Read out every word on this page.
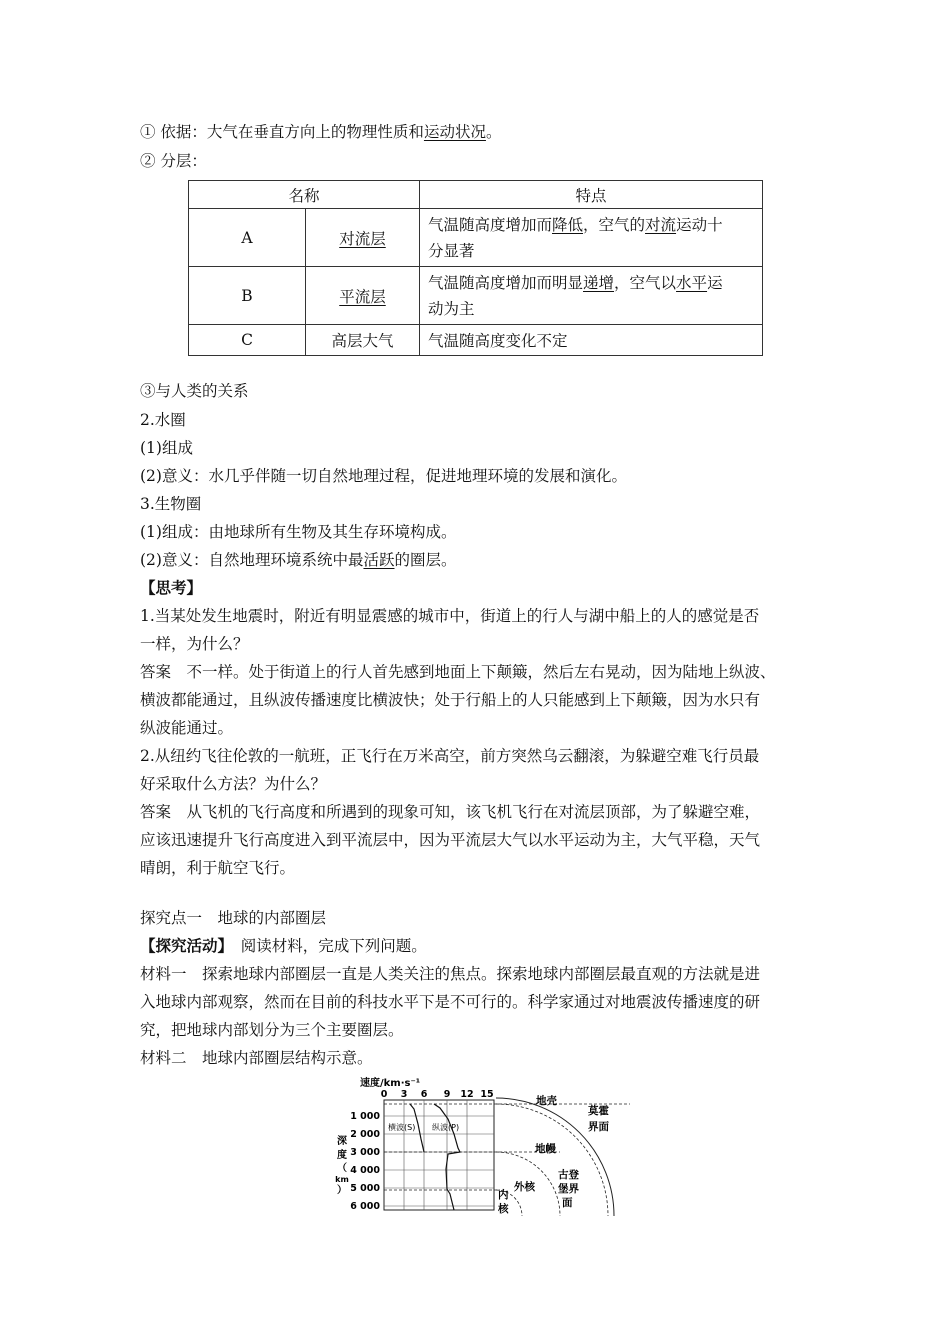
① 依据：大气在垂直方向上的物理性质和运动状况。
② 分层：
名称		特点
A	对流层	气温随高度增加而降低，空气的对流运动十
分显著
B	平流层	气温随高度增加而明显递增，空气以水平运
动为主
C	高层大气	气温随高度变化不定
③与人类的关系
2.水圈
(1)组成
(2)意义：水几乎伴随一切自然地理过程，促进地理环境的发展和演化。
3.生物圈
(1)组成：由地球所有生物及其生存环境构成。
(2)意义：自然地理环境系统中最活跃的圈层。
【思考】
1.当某处发生地震时，附近有明显震感的城市中，街道上的行人与湖中船上的人的感觉是否
一样，为什么？
答案　不一样。处于街道上的行人首先感到地面上下颠簸，然后左右晃动，因为陆地上纵波、
横波都能通过，且纵波传播速度比横波快；处于行船上的人只能感到上下颠簸，因为水只有
纵波能通过。
2.从纽约飞往伦敦的一航班，正飞行在万米高空，前方突然乌云翻滚，为躲避空难飞行员最
好采取什么方法？为什么？
答案　从飞机的飞行高度和所遇到的现象可知，该飞机飞行在对流层顶部，为了躲避空难，
应该迅速提升飞行高度进入到平流层中，因为平流层大气以水平运动为主，大气平稳，天气
晴朗，利于航空飞行。
探究点一　地球的内部圈层
【探究活动】　阅读材料，完成下列问题。
材料一　探索地球内部圈层一直是人类关注的焦点。探索地球内部圈层最直观的方法就是进
入地球内部观察，然而在目前的科技水平下是不可行的。科学家通过对地震波传播速度的研
究，把地球内部划分为三个主要圈层。
材料二　地球内部圈层结构示意。
速度/km·s⁻¹
0 3 6 9 12 15
1 000
2 000
3 000
4 000
5 000
6 000
深
度
（
km
）
横波(S) 纵波(P)
地壳
莫霍
界面
地幔
古登
堡界
面
外核
内
核
